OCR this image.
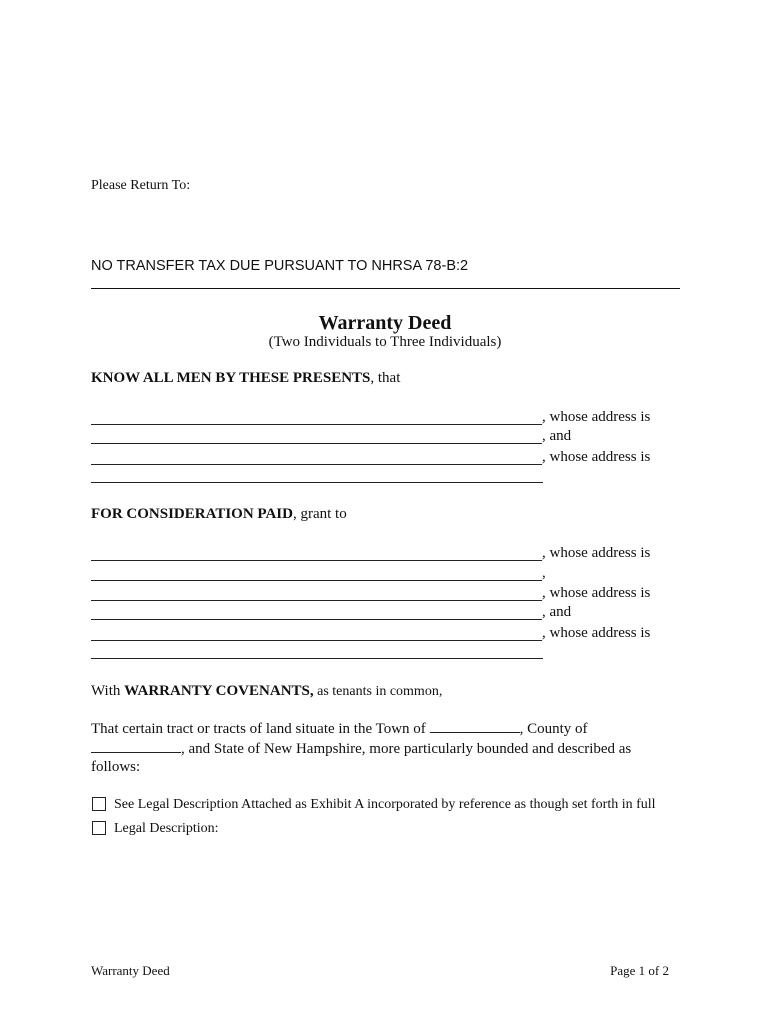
Please Return To:
NO TRANSFER TAX DUE PURSUANT TO NHRSA 78-B:2
Warranty Deed
(Two Individuals to Three Individuals)
KNOW ALL MEN BY THESE PRESENTS, that
, whose address is
, and
, whose address is
FOR CONSIDERATION PAID, grant to
, whose address is
,
, whose address is
, and
, whose address is
With WARRANTY COVENANTS, as tenants in common,
That certain tract or tracts of land situate in the Town of	, County of
, and State of New Hampshire, more particularly bounded and described as
follows:
See Legal Description Attached as Exhibit A incorporated by reference as though set forth in full
Legal Description:
Warranty Deed	Page 1 of 2
